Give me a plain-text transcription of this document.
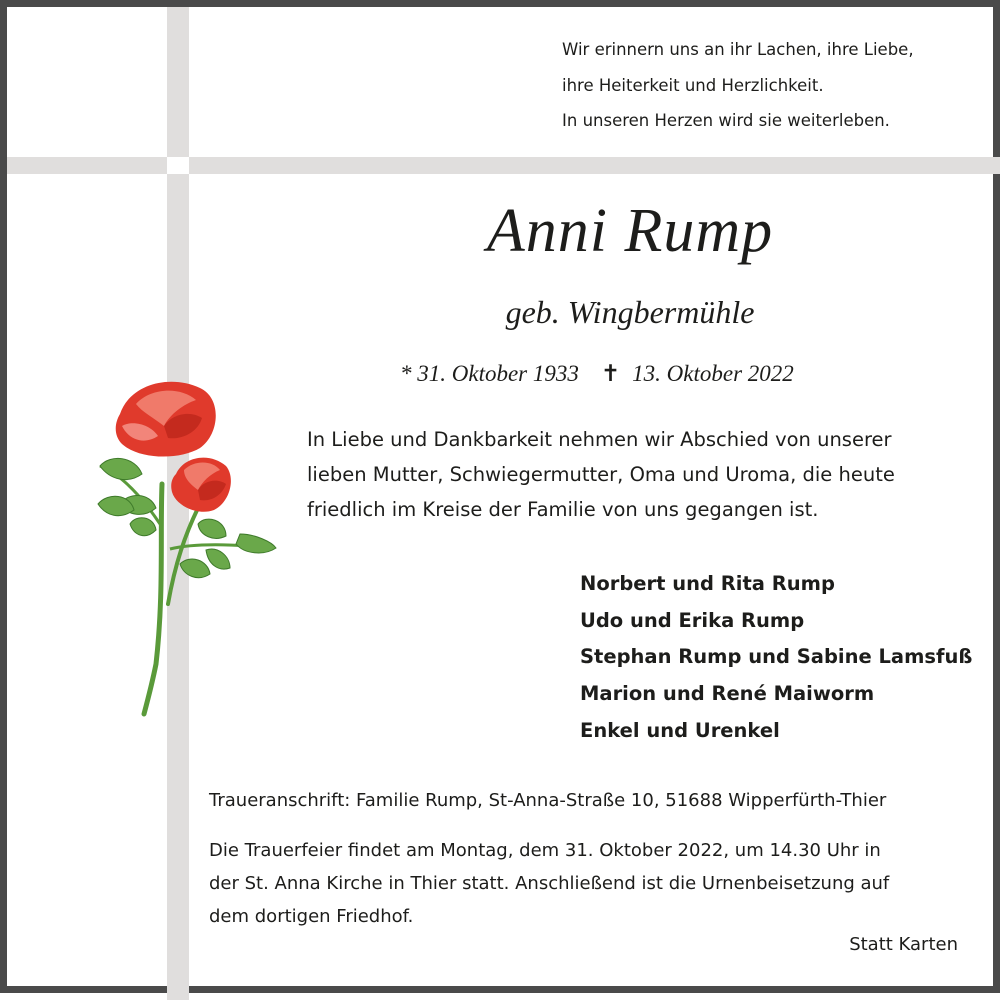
Wir erinnern uns an ihr Lachen, ihre Liebe,
ihre Heiterkeit und Herzlichkeit.
In unseren Herzen wird sie weiterleben.
Anni Rump
geb. Wingbermühle
* 31. Oktober 1933 ✝ 13. Oktober 2022
In Liebe und Dankbarkeit nehmen wir Abschied von unserer
lieben Mutter, Schwiegermutter, Oma und Uroma, die heute
friedlich im Kreise der Familie von uns gegangen ist.
Norbert und Rita Rump
Udo und Erika Rump
Stephan Rump und Sabine Lamsfuß
Marion und René Maiworm
Enkel und Urenkel
Traueranschrift: Familie Rump, St-Anna-Straße 10, 51688 Wipperfürth-Thier
Die Trauerfeier findet am Montag, dem 31. Oktober 2022, um 14.30 Uhr in
der St. Anna Kirche in Thier statt. Anschließend ist die Urnenbeisetzung auf
dem dortigen Friedhof.
Statt Karten
